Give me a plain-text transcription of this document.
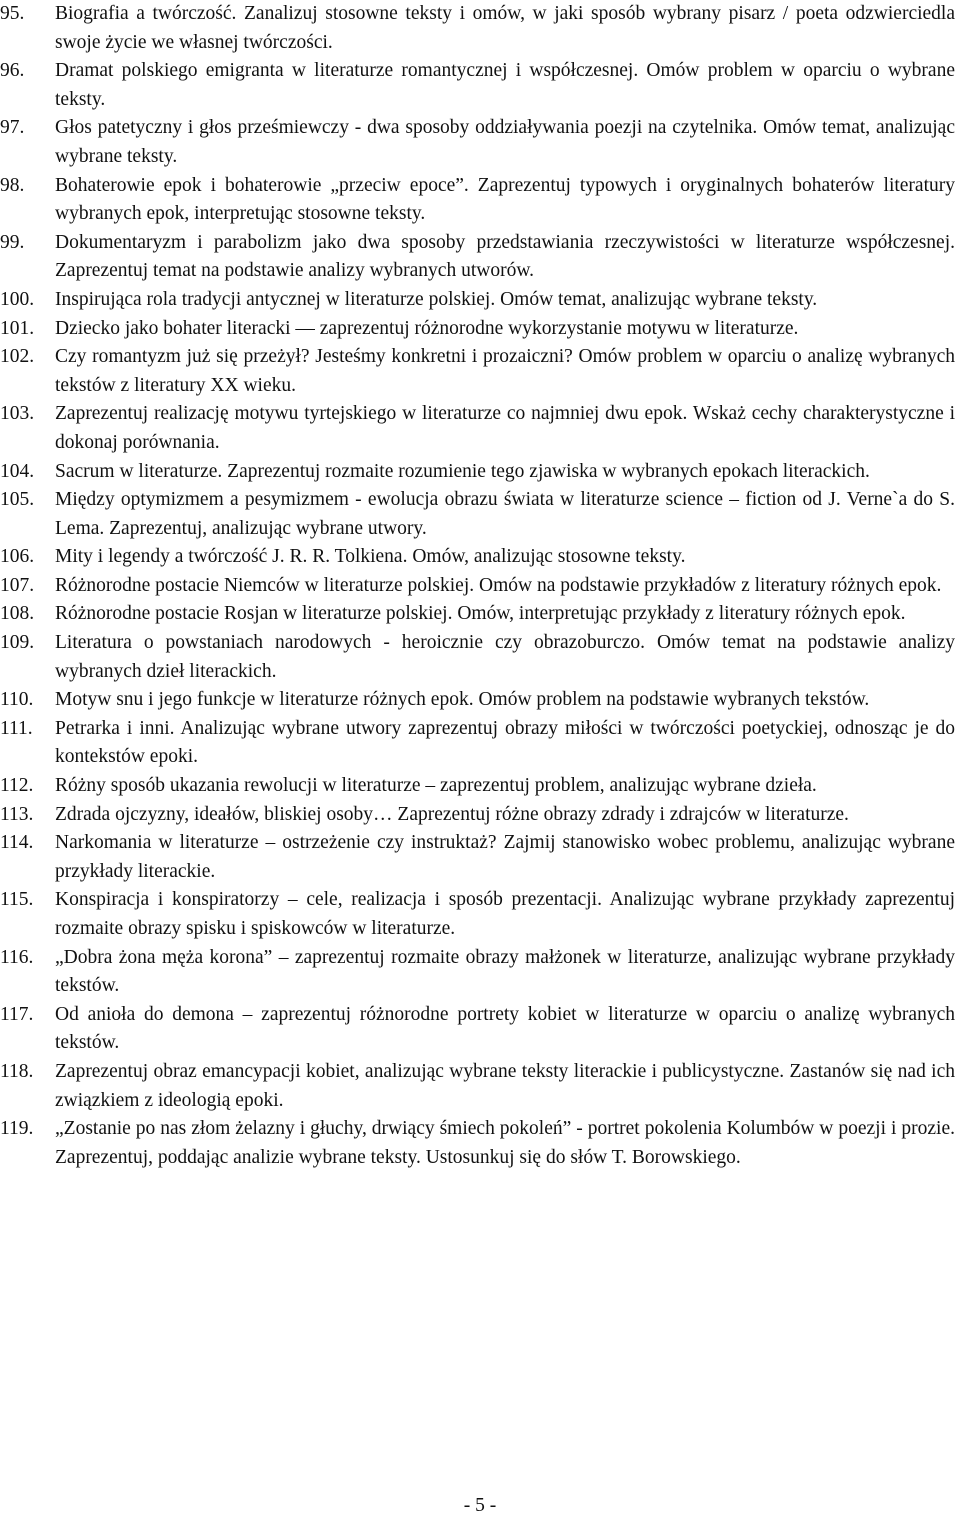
95.	Biografia a twórczość. Zanalizuj stosowne teksty i omów, w jaki sposób wybrany pisarz / poeta odzwierciedla swoje życie we własnej twórczości.
96.	Dramat polskiego emigranta w literaturze romantycznej i współczesnej. Omów problem w oparciu o wybrane teksty.
97.	Głos patetyczny i głos prześmiewczy - dwa sposoby oddziaływania poezji na czytelnika. Omów temat, analizując wybrane teksty.
98.	Bohaterowie epok i bohaterowie „przeciw epoce”. Zaprezentuj typowych i oryginalnych bohaterów literatury wybranych epok, interpretując stosowne teksty.
99.	Dokumentaryzm i parabolizm jako dwa sposoby przedstawiania rzeczywistości w literaturze współczesnej. Zaprezentuj temat na podstawie analizy wybranych utworów.
100.	Inspirująca rola tradycji antycznej w literaturze polskiej. Omów temat, analizując wybrane teksty.
101.	Dziecko jako bohater literacki — zaprezentuj różnorodne wykorzystanie motywu w literaturze.
102.	Czy romantyzm już się przeżył? Jesteśmy konkretni i prozaiczni? Omów problem w oparciu o analizę wybranych tekstów z literatury XX wieku.
103.	Zaprezentuj realizację motywu tyrtejskiego w literaturze co najmniej dwu epok. Wskaż cechy charakterystyczne i dokonaj porównania.
104.	Sacrum w literaturze. Zaprezentuj rozmaite rozumienie tego zjawiska w wybranych epokach literackich.
105.	Między optymizmem a pesymizmem - ewolucja obrazu świata w literaturze science – fiction od J. Verne`a do S. Lema. Zaprezentuj, analizując wybrane utwory.
106.	Mity i legendy a twórczość J. R. R. Tolkiena. Omów, analizując stosowne teksty.
107.	Różnorodne postacie Niemców w literaturze polskiej. Omów na podstawie przykładów z literatury różnych epok.
108.	Różnorodne postacie Rosjan w literaturze polskiej. Omów, interpretując przykłady z literatury różnych epok.
109.	Literatura o powstaniach narodowych - heroicznie czy obrazoburczo. Omów temat na podstawie analizy wybranych dzieł literackich.
110.	Motyw snu i jego funkcje w literaturze różnych epok. Omów problem na podstawie wybranych tekstów.
111.	Petrarka i inni. Analizując wybrane utwory zaprezentuj obrazy miłości w twórczości poetyckiej, odnosząc je do kontekstów epoki.
112.	Różny sposób ukazania rewolucji w literaturze – zaprezentuj problem, analizując wybrane dzieła.
113.	Zdrada ojczyzny, ideałów, bliskiej osoby… Zaprezentuj różne obrazy zdrady i zdrajców w literaturze.
114.	Narkomania w literaturze – ostrzeżenie czy instruktaż? Zajmij stanowisko wobec problemu, analizując wybrane przykłady literackie.
115.	Konspiracja i konspiratorzy – cele, realizacja i sposób prezentacji. Analizując wybrane przykłady zaprezentuj rozmaite obrazy spisku i spiskowców w literaturze.
116.	„Dobra żona męża korona” – zaprezentuj rozmaite obrazy małżonek w literaturze, analizując wybrane przykłady tekstów.
117.	Od anioła do demona – zaprezentuj różnorodne portrety kobiet w literaturze w oparciu o analizę wybranych tekstów.
118.	Zaprezentuj obraz emancypacji kobiet, analizując wybrane teksty literackie i publicystyczne. Zastanów się nad ich związkiem z ideologią epoki.
119.	„Zostanie po nas złom żelazny i głuchy, drwiący śmiech pokoleń” - portret pokolenia Kolumbów w poezji i prozie. Zaprezentuj, poddając analizie wybrane teksty. Ustosunkuj się do słów T. Borowskiego.
- 5 -
